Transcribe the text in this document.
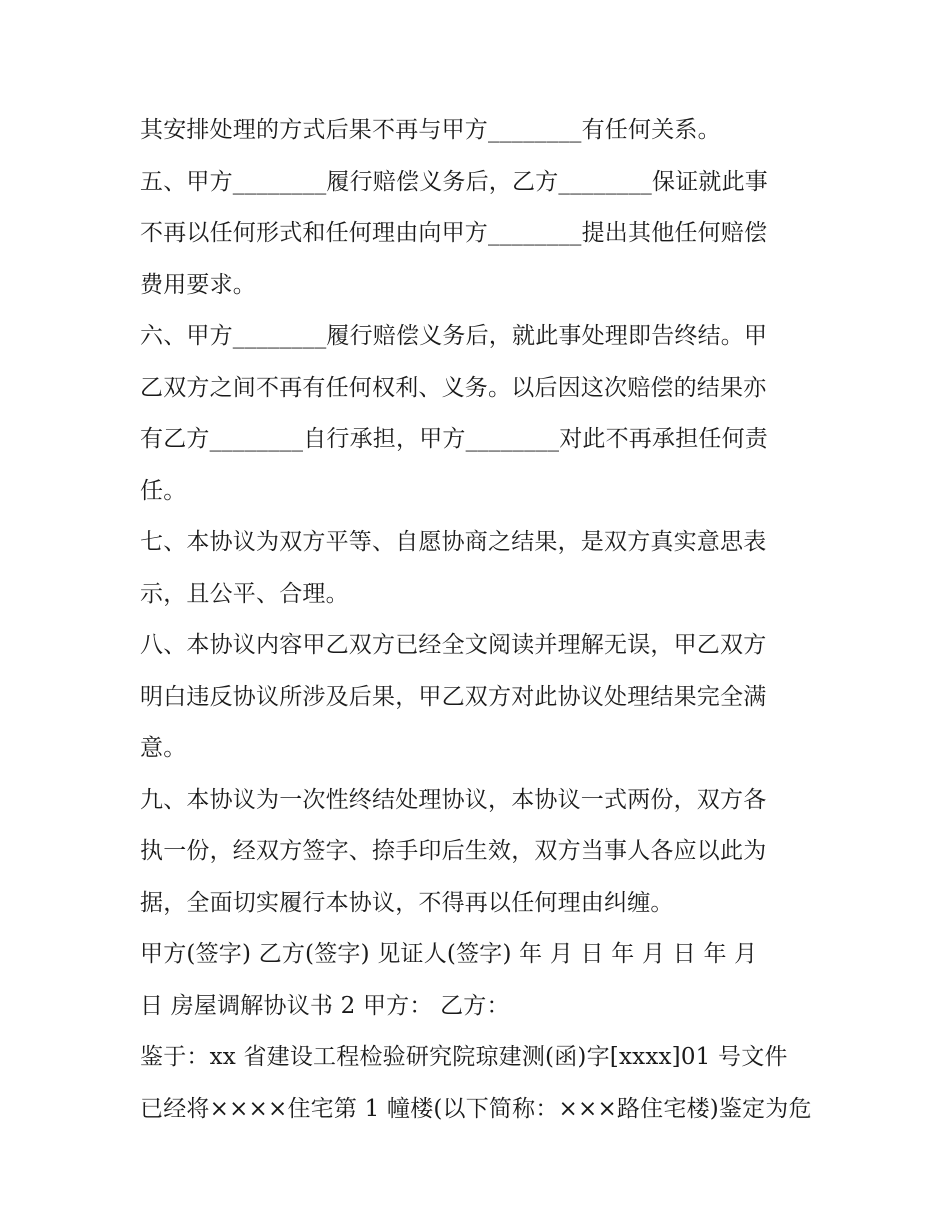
其安排处理的方式后果不再与甲方________有任何关系。
五、甲方________履行赔偿义务后，乙方________保证就此事
不再以任何形式和任何理由向甲方________提出其他任何赔偿
费用要求。
六、甲方________履行赔偿义务后，就此事处理即告终结。甲
乙双方之间不再有任何权利、义务。以后因这次赔偿的结果亦
有乙方________自行承担，甲方________对此不再承担任何责
任。
七、本协议为双方平等、自愿协商之结果，是双方真实意思表
示，且公平、合理。
八、本协议内容甲乙双方已经全文阅读并理解无误，甲乙双方
明白违反协议所涉及后果，甲乙双方对此协议处理结果完全满
意。
九、本协议为一次性终结处理协议，本协议一式两份，双方各
执一份，经双方签字、捺手印后生效，双方当事人各应以此为
据，全面切实履行本协议，不得再以任何理由纠缠。
甲方(签字) 乙方(签字) 见证人(签字) 年 月 日 年 月 日 年 月
日 房屋调解协议书 2 甲方： 乙方：
鉴于：xx 省建设工程检验研究院琼建测(函)字[xxxx]01 号文件
已经将××××住宅第 1 幢楼(以下简称：×××路住宅楼)鉴定为危
